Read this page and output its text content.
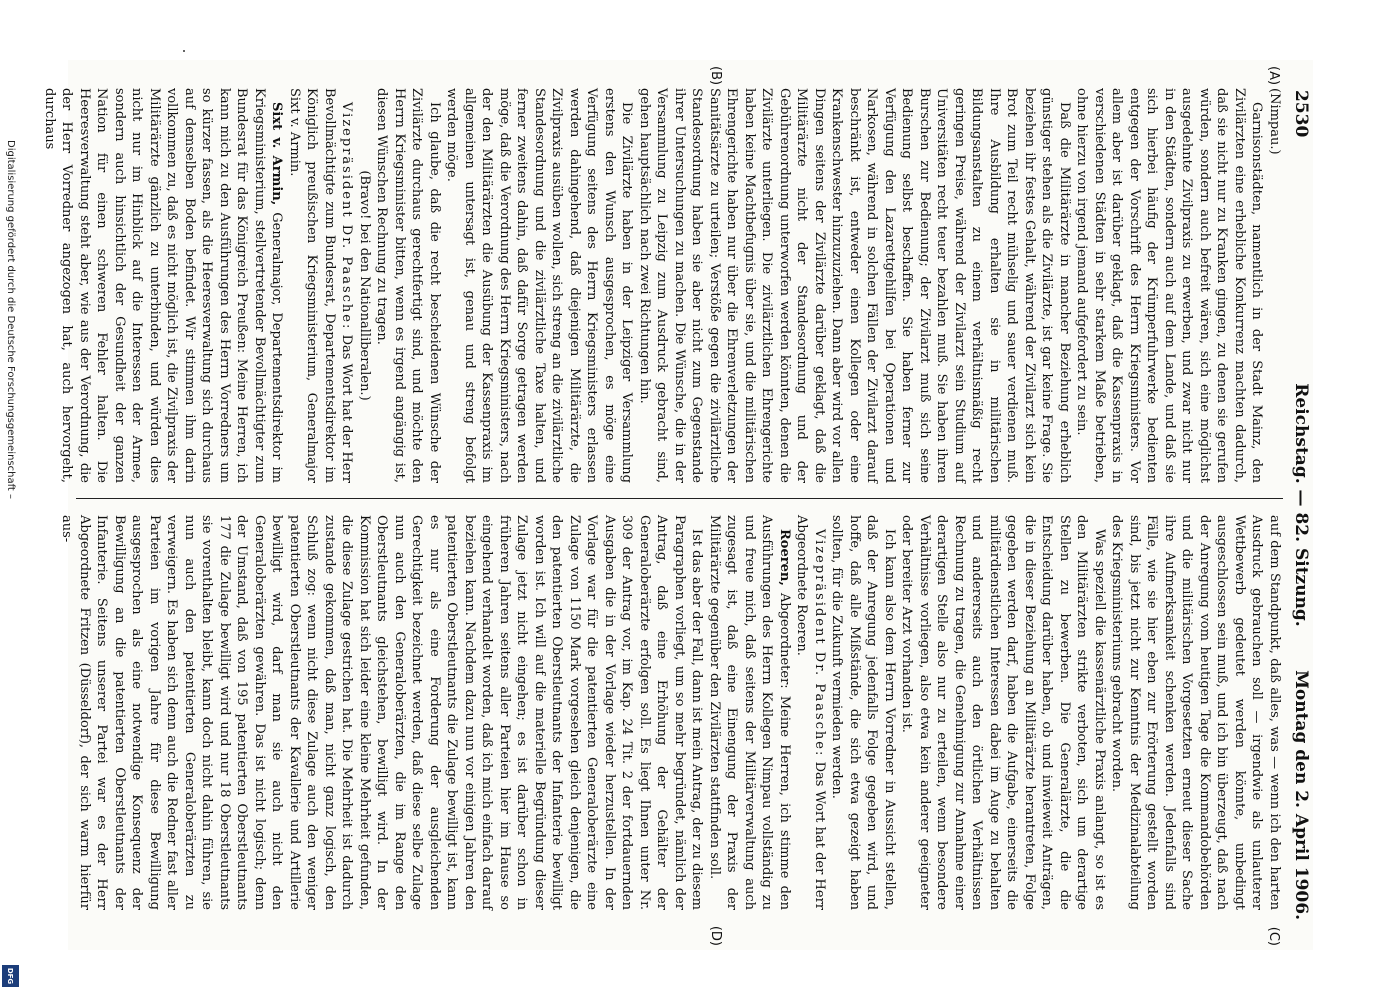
2530
Reichstag. — 82. Sitzung.
Montag den 2. April 1906.
(A)
(B)
(C)
(D)

(Nimpau.)

Garnisonstädten, namentlich in der Stadt Mainz, den Zivilärzten eine erhebliche Konkurrenz machten dadurch, daß sie nicht nur zu Kranken gingen, zu denen sie gerufen würden, sondern auch befreit wären, sich eine möglichst ausgedehnte Zivilpraxis zu erwerben, und zwar nicht nur in den Städten, sondern auch auf dem Lande, und daß sie sich hierbei häufig der Krümperfuhrwerke bedienten entgegen der Vorschrift des Herrn Kriegsministers. Vor allem aber ist darüber geklagt, daß die Kassenpraxis in verschiedenen Städten in sehr starkem Maße betrieben, ohne hierzu von irgend jemand aufgefordert zu sein.

Daß die Militärärzte in mancher Beziehung erheblich günstiger stehen als die Zivilärzte, ist gar keine Frage. Sie beziehen ihr festes Gehalt, während der Zivilarzt sich kein Brot zum Teil recht mühselig und sauer verdienen muß. Ihre Ausbildung erhalten sie in militärischen Bildungsanstalten zu einem verhältnismäßig recht geringen Preise, während der Zivilarzt sein Studium auf Universitäten recht teuer bezahlen muß. Sie haben ihren Burschen zur Bedienung; der Zivilarzt muß sich seine Bedienung selbst beschaffen. Sie haben ferner zur Verfügung den Lazarettgehilfen bei Operationen und Narkosen, während in solchen Fällen der Zivilarzt darauf beschränkt ist, entweder einen Kollegen oder eine Krankenschwester hinzuzuziehen. Dann aber wird vor allen Dingen seitens der Zivilärzte darüber geklagt, daß die Militärärzte nicht der Standesordnung und der Gebührenordnung unterworfen werden könnten, denen die Zivilärzte unterliegen. Die zivilärztlichen Ehrengerichte haben keine Machtbefugnis über sie, und die militärischen Ehrengerichte haben nur über die Ehrenverletzungen der Sanitätsärzte zu urteilen; Verstöße gegen die zivilärztliche Standesordnung haben sie aber nicht zum Gegenstande ihrer Untersuchungen zu machen. Die Wünsche, die in der Versammlung zu Leipzig zum Ausdruck gebracht sind, gehen hauptsächlich nach zwei Richtungen hin.

Die Zivilärzte haben in der Leipziger Versammlung erstens den Wunsch ausgesprochen, es möge eine Verfügung seitens des Herrn Kriegsministers erlassen werden dahingehend, daß diejenigen Militärärzte, die Zivilpraxis ausüben wollen, sich streng an die zivilärztliche Standesordnung und die zivilärztliche Taxe halten, und ferner zweitens dahin, daß dafür Sorge getragen werden möge, daß die Verordnung des Herrn Kriegsministers, nach der den Militärärzten die Ausübung der Kassenpraxis im allgemeinen untersagt ist, genau und streng befolgt werden möge.

Ich glaube, daß die recht bescheidenen Wünsche der Zivilärzte durchaus gerechtfertigt sind, und möchte den Herrn Kriegsminister bitten, wenn es irgend angängig ist, diesen Wünschen Rechnung zu tragen.

(Bravo! bei den Nationalliberalen.)

Vizepräsident Dr. Paasche: Das Wort hat der Herr Bevollmächtigte zum Bundesrat, Departementsdirektor im Königlich preußischen Kriegsministerium, Generalmajor Sixt v. Armin.

Sixt v. Armin, Generalmajor, Departementsdirektor im Kriegsministerium, stellvertretender Bevollmächtigter zum Bundesrat für das Königreich Preußen: Meine Herren, ich kann mich zu den Ausführungen des Herrn Vorredners um so kürzer fassen, als die Heeresverwaltung sich durchaus auf demselben Boden befindet. Wir stimmen ihm darin vollkommen zu, daß es nicht möglich ist, die Zivilpraxis der Militärärzte gänzlich zu unterbinden, und würden dies nicht nur im Hinblick auf die Interessen der Armee, sondern auch hinsichtlich der Gesundheit der ganzen Nation für einen schweren Fehler halten. Die Heeresverwaltung steht aber, wie aus der Verordnung, die der Herr Vorredner angezogen hat, auch hervorgeht, durchaus

auf dem Standpunkt, daß alles, was — wenn ich den harten Ausdruck gebrauchen soll — irgendwie als unlauterer Wettbewerb gedeutet werden könnte, unbedingt ausgeschlossen sein muß, und ich bin überzeugt, daß nach der Anregung vom heutigen Tage die Kommandobehörden und die militärischen Vorgesetzten erneut dieser Sache ihre Aufmerksamkeit schenken werden. Jedenfalls sind Fälle, wie sie hier eben zur Erörterung gestellt worden sind, bis jetzt nicht zur Kenntnis der Medizinalabteilung des Kriegsministeriums gebracht worden.

Was speziell die kassenärztliche Praxis anlangt, so ist es den Militärärzten strikte verboten, sich um derartige Stellen zu bewerben. Die Generalärzte, die die Entscheidung darüber haben, ob und inwieweit Anträgen, die in dieser Beziehung an Militärärzte herantreten, Folge gegeben werden darf, haben die Aufgabe, einerseits die militärdienstlichen Interessen dabei im Auge zu behalten und andererseits auch den örtlichen Verhältnissen Rechnung zu tragen, die Genehmigung zur Annahme einer derartigen Stelle also nur zu erteilen, wenn besondere Verhältnisse vorliegen, also etwa kein anderer geeigneter oder bereiter Arzt vorhanden ist.

Ich kann also dem Herrn Vorredner in Aussicht stellen, daß der Anregung jedenfalls Folge gegeben wird, und hoffe, daß alle Mißstände, die sich etwa gezeigt haben sollten, für die Zukunft vermieden werden.

Vizepräsident Dr. Paasche: Das Wort hat der Herr Abgeordnete Roeren.

Roeren, Abgeordneter: Meine Herren, ich stimme den Ausführungen des Herrn Kollegen Nimpau vollständig zu und freue mich, daß seitens der Militärverwaltung auch zugesagt ist, daß eine Einengung der Praxis der Militärärzte gegenüber den Zivilärzten stattfinden soll.

Ist das aber der Fall, dann ist mein Antrag, der zu diesem Paragraphen vorliegt, um so mehr begründet, nämlich der Antrag, daß eine Erhöhung der Gehälter der Generaloberärzte erfolgen soll. Es liegt Ihnen unter Nr. 309 der Antrag vor, im Kap. 24 Tit. 2 der fortdauernden Ausgaben die in der Vorlage wieder herzustellen. In der Vorlage war für die patentierten Generaloberärzte eine Zulage von 1150 Mark vorgesehen gleich denjenigen, die den patentierten Oberstleutnants der Infanterie bewilligt worden ist. Ich will auf die materielle Begründung dieser Zulage jetzt nicht eingehen; es ist darüber schon in früheren Jahren seitens aller Parteien hier im Hause so eingehend verhandelt worden, daß ich mich einfach darauf beziehen kann. Nachdem dazu nun vor einigen Jahren den patentierten Oberstleutnants die Zulage bewilligt ist, kann es nur als eine Forderung der ausgleichenden Gerechtigkeit bezeichnet werden, daß diese selbe Zulage nun auch den Generaloberärzten, die im Range den Oberstleutnants gleichstehen, bewilligt wird. In der Kommission hat sich leider eine kleine Mehrheit gefunden, die diese Zulage gestrichen hat. Die Mehrheit ist dadurch zustande gekommen, daß man, nicht ganz logisch, den Schluß zog: wenn nicht diese Zulage auch den weniger patentierten Oberstleutnants der Kavallerie und Artillerie bewilligt wird, darf man sie auch nicht den Generaloberärzten gewähren. Das ist nicht logisch; denn der Umstand, daß von 195 patentierten Oberstleutnants 177 die Zulage bewilligt wird und nur 18 Oberstleutnants sie vorenthalten bleibt, kann doch nicht dahin führen, sie nun auch den patentierten Generaloberärzten zu verweigern. Es haben sich denn auch die Redner fast aller Parteien im vorigen Jahre für diese Bewilligung ausgesprochen als eine notwendige Konsequenz der Bewilligung an die patentierten Oberstleutnants der Infanterie. Seitens unserer Partei war es der Herr Abgeordnete Fritzen (Düsseldorf), der sich warm hierfür aus-

Digitalisierung gefördert durch die Deutsche Forschungsgemeinschaft –
DFG
